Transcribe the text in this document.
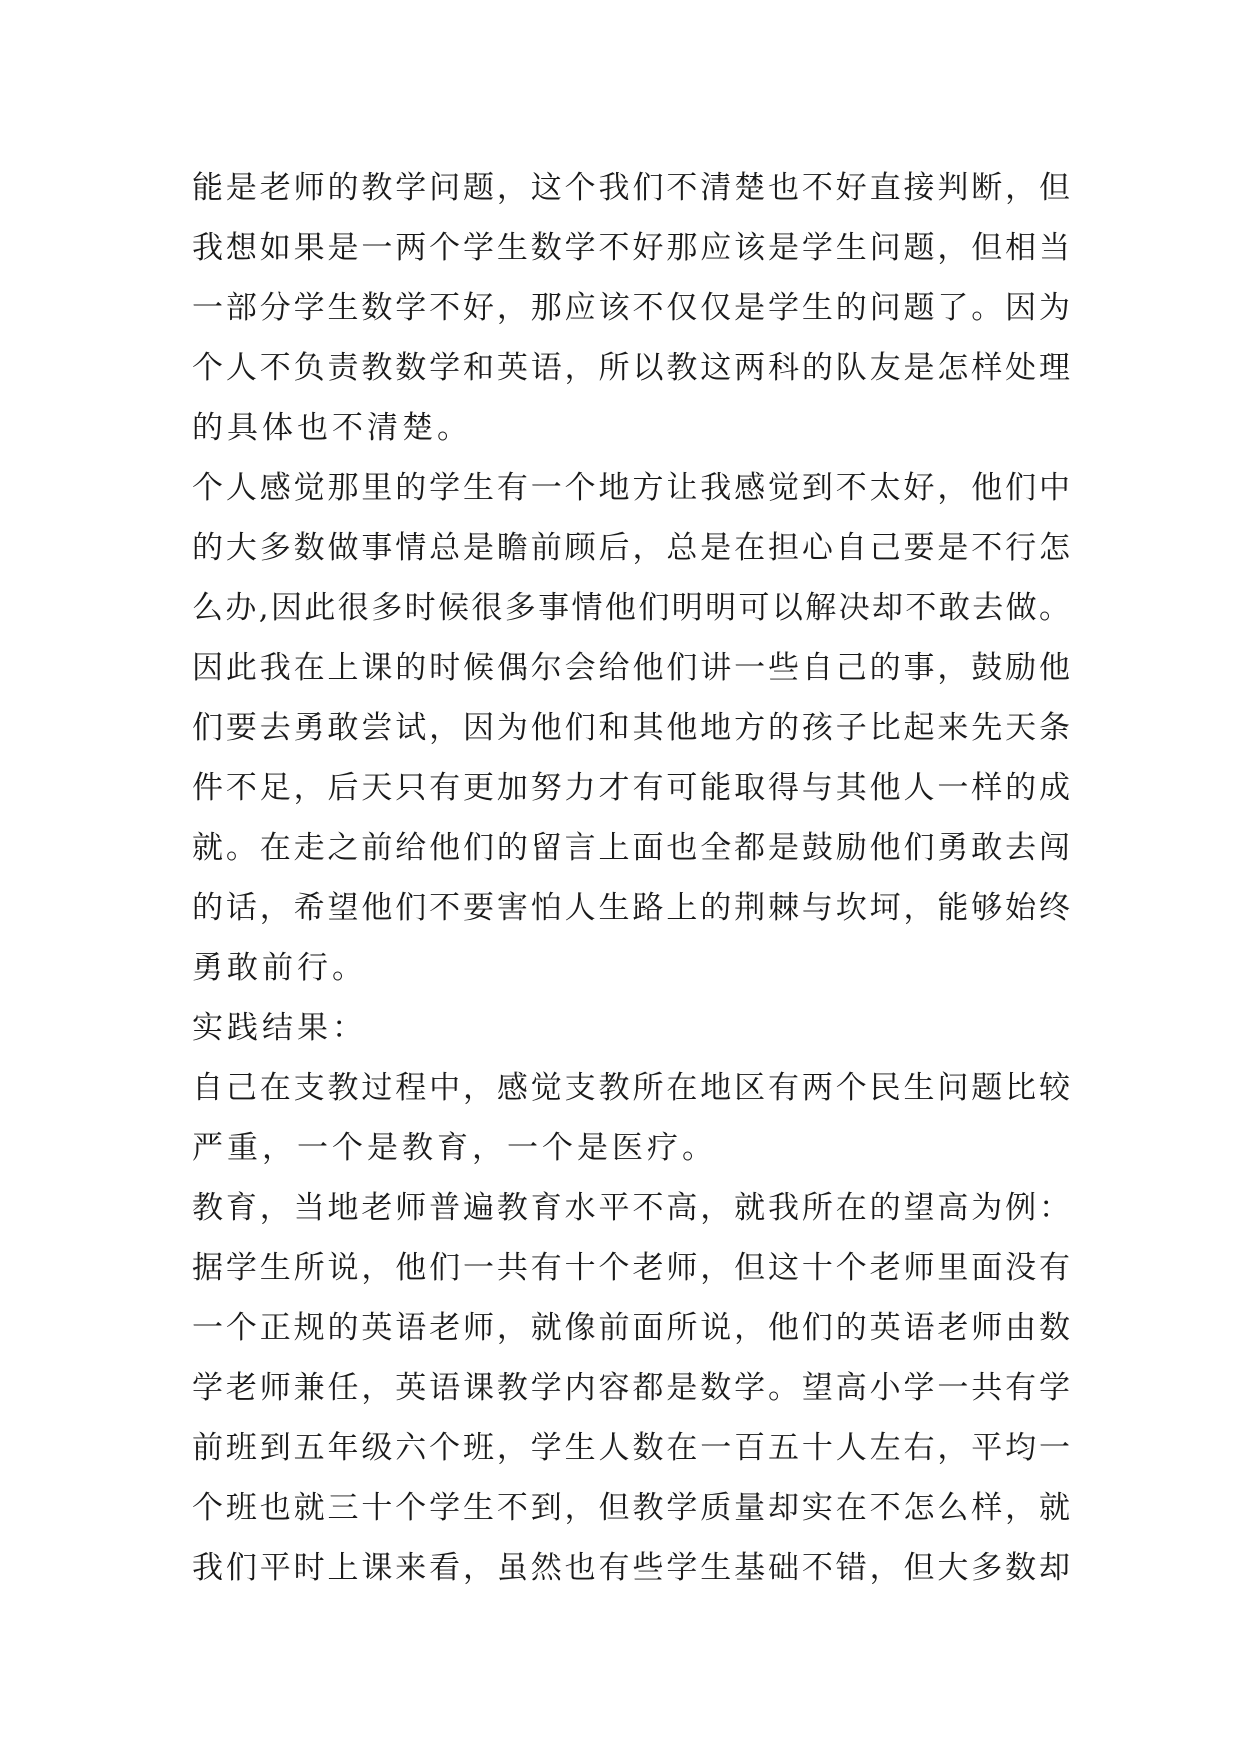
能是老师的教学问题，这个我们不清楚也不好直接判断，但
我想如果是一两个学生数学不好那应该是学生问题，但相当
一部分学生数学不好，那应该不仅仅是学生的问题了。因为
个人不负责教数学和英语，所以教这两科的队友是怎样处理
的具体也不清楚。
个人感觉那里的学生有一个地方让我感觉到不太好，他们中
的大多数做事情总是瞻前顾后，总是在担心自己要是不行怎
么办,因此很多时候很多事情他们明明可以解决却不敢去做。
因此我在上课的时候偶尔会给他们讲一些自己的事，鼓励他
们要去勇敢尝试，因为他们和其他地方的孩子比起来先天条
件不足，后天只有更加努力才有可能取得与其他人一样的成
就。在走之前给他们的留言上面也全都是鼓励他们勇敢去闯
的话，希望他们不要害怕人生路上的荆棘与坎坷，能够始终
勇敢前行。
实践结果：
自己在支教过程中，感觉支教所在地区有两个民生问题比较
严重，一个是教育，一个是医疗。
教育，当地老师普遍教育水平不高，就我所在的望高为例：
据学生所说，他们一共有十个老师，但这十个老师里面没有
一个正规的英语老师，就像前面所说，他们的英语老师由数
学老师兼任，英语课教学内容都是数学。望高小学一共有学
前班到五年级六个班，学生人数在一百五十人左右，平均一
个班也就三十个学生不到，但教学质量却实在不怎么样，就
我们平时上课来看，虽然也有些学生基础不错，但大多数却
